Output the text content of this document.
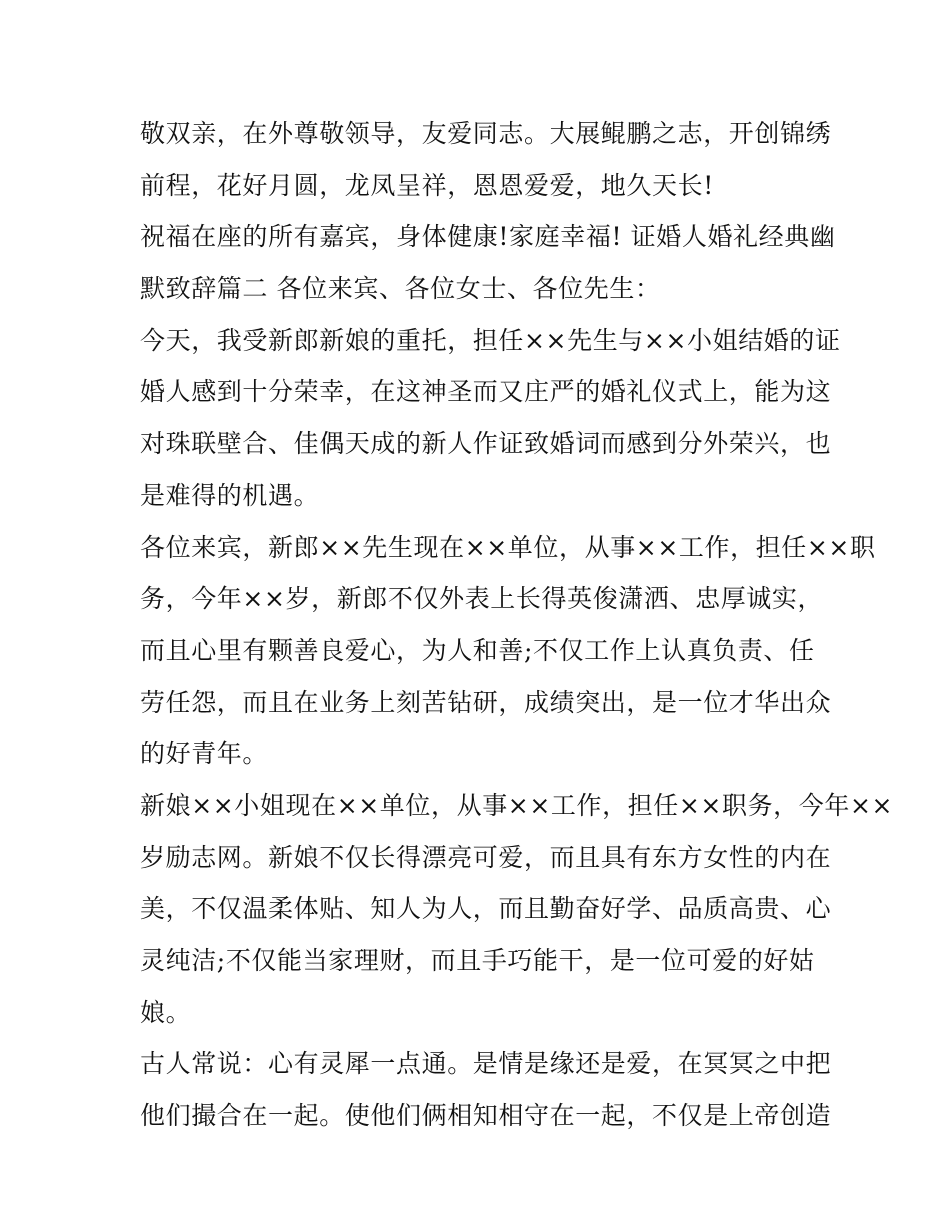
敬双亲，在外尊敬领导，友爱同志。大展鲲鹏之志，开创锦绣
前程，花好月圆，龙凤呈祥，恩恩爱爱，地久天长!
祝福在座的所有嘉宾，身体健康!家庭幸福! 证婚人婚礼经典幽
默致辞篇二 各位来宾、各位女士、各位先生：
今天，我受新郎新娘的重托，担任××先生与××小姐结婚的证
婚人感到十分荣幸，在这神圣而又庄严的婚礼仪式上，能为这
对珠联壁合、佳偶天成的新人作证致婚词而感到分外荣兴，也
是难得的机遇。
各位来宾，新郎××先生现在××单位，从事××工作，担任××职
务，今年××岁，新郎不仅外表上长得英俊潇洒、忠厚诚实，
而且心里有颗善良爱心，为人和善;不仅工作上认真负责、任
劳任怨，而且在业务上刻苦钻研，成绩突出，是一位才华出众
的好青年。
新娘××小姐现在××单位，从事××工作，担任××职务，今年××
岁励志网。新娘不仅长得漂亮可爱，而且具有东方女性的内在
美，不仅温柔体贴、知人为人，而且勤奋好学、品质高贵、心
灵纯洁;不仅能当家理财，而且手巧能干，是一位可爱的好姑
娘。
古人常说：心有灵犀一点通。是情是缘还是爱，在冥冥之中把
他们撮合在一起。使他们俩相知相守在一起，不仅是上帝创造
